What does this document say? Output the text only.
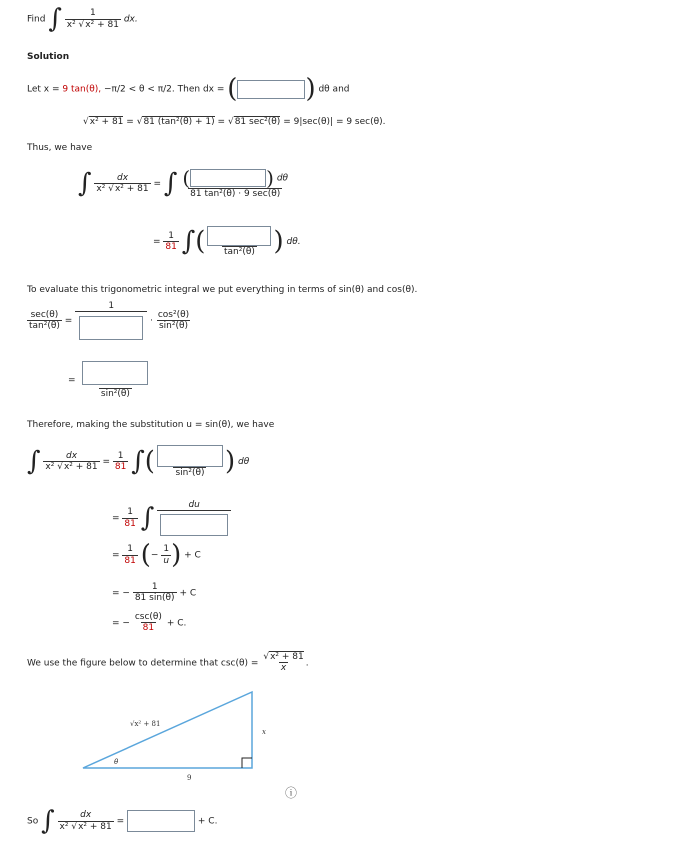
Find ∫ $\frac{1}{\text{x² √x² + 81}}$ dx.
Solution
Let x = 9 tan(θ), −π/2 < θ < π/2. Then dx = (	) dθ and
√x² + 81 = √81 (tan²(θ) + 1) = √81 sec²(θ) = 9|sec(θ)| = 9 sec(θ).
Thus, we have
∫ $\frac{dx}{\text{x² √x² + 81}}$ = ∫ (	) dθ
81 tan²(θ) · 9 sec(θ)
= $\frac{1}{81}$ ∫( tan²(θ) ) dθ.
To evaluate this trigonometric integral we put everything in terms of sin(θ) and cos(θ).
$\frac{\sec(\theta)}{\text{tan²(θ)}}$ =
1
· $\frac{\text{cos²(θ)}}{\text{sin²(θ)}}$
=
sin²(θ)
Therefore, making the substitution u = sin(θ), we have
∫ $\frac{dx}{\text{x² √x² + 81}} = \frac{1}{81}$ ∫( sin²(θ) ) dθ
= $\frac{1}{81}$ ∫	du
= $\frac{1}{81}$ (− $\frac{1}{u}$ ) + C
= − $\frac{1}{81 \sin(\theta)} + C$
= − $\frac{\csc(\theta)}{81} + C$.
We use the figure below to determine that $\csc(\theta) = \frac{\text{√x² + 81}}{x}$ .
θ
9
x
√x² + 81
ⓘ
So ∫ $\frac{dx}{\text{x² √x² + 81}}$ =	+ C.
